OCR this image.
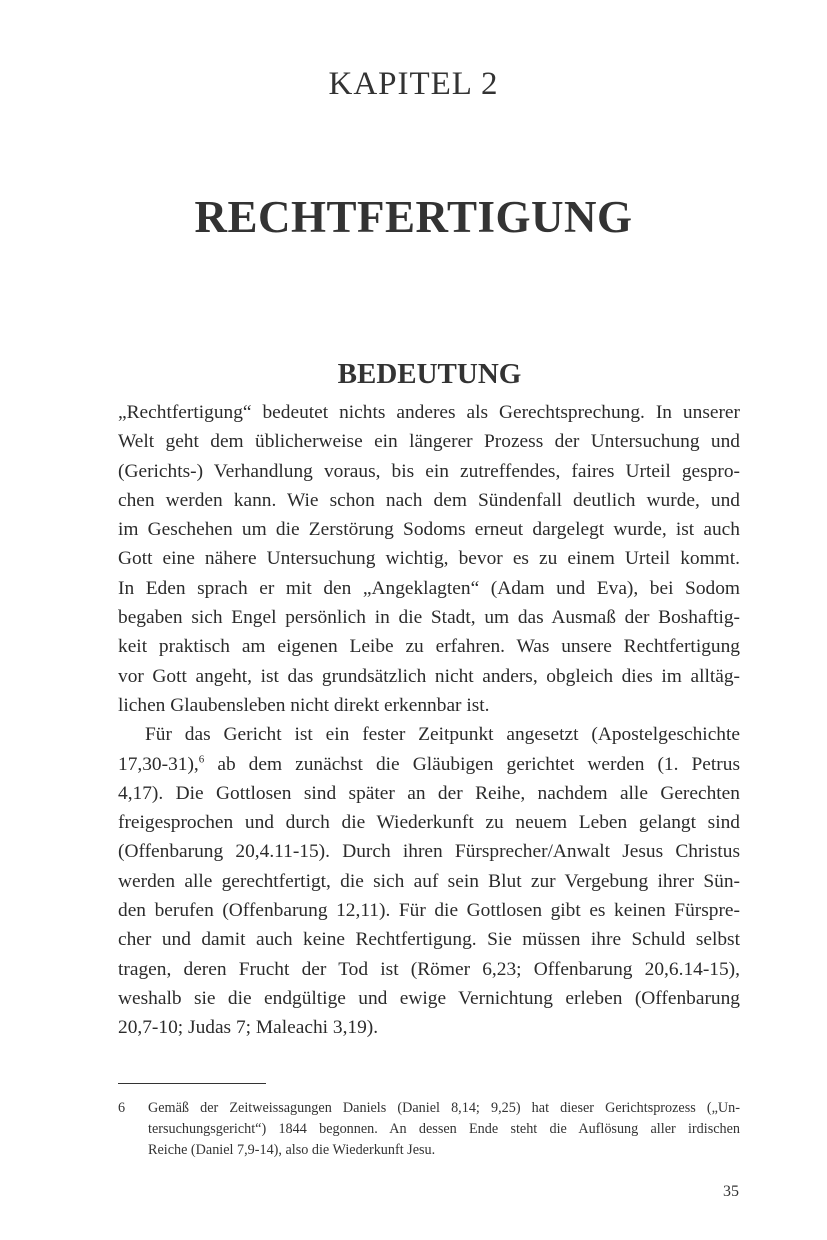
KAPITEL 2
RECHTFERTIGUNG
BEDEUTUNG
„Rechtfertigung“ bedeutet nichts anderes als Gerechtsprechung. In unserer
Welt geht dem üblicherweise ein längerer Prozess der Untersuchung und
(Gerichts-) Verhandlung voraus, bis ein zutreffendes, faires Urteil gespro-
chen werden kann. Wie schon nach dem Sündenfall deutlich wurde, und
im Geschehen um die Zerstörung Sodoms erneut dargelegt wurde, ist auch
Gott eine nähere Untersuchung wichtig, bevor es zu einem Urteil kommt.
In Eden sprach er mit den „Angeklagten“ (Adam und Eva), bei Sodom
begaben sich Engel persönlich in die Stadt, um das Ausmaß der Boshaftig-
keit praktisch am eigenen Leibe zu erfahren. Was unsere Rechtfertigung
vor Gott angeht, ist das grundsätzlich nicht anders, obgleich dies im alltäg-
lichen Glaubensleben nicht direkt erkennbar ist.
Für das Gericht ist ein fester Zeitpunkt angesetzt (Apostelgeschichte
17,30-31),$^6$ ab dem zunächst die Gläubigen gerichtet werden (1. Petrus
4,17). Die Gottlosen sind später an der Reihe, nachdem alle Gerechten
freigesprochen und durch die Wiederkunft zu neuem Leben gelangt sind
(Offenbarung 20,4.11-15). Durch ihren Fürsprecher/Anwalt Jesus Christus
werden alle gerechtfertigt, die sich auf sein Blut zur Vergebung ihrer Sün-
den berufen (Offenbarung 12,11). Für die Gottlosen gibt es keinen Fürspre-
cher und damit auch keine Rechtfertigung. Sie müssen ihre Schuld selbst
tragen, deren Frucht der Tod ist (Römer 6,23; Offenbarung 20,6.14-15),
weshalb sie die endgültige und ewige Vernichtung erleben (Offenbarung
20,7-10; Judas 7; Maleachi 3,19).
6 Gemäß der Zeitweissagungen Daniels (Daniel 8,14; 9,25) hat dieser Gerichtsprozess („Un-
tersuchungsgericht“) 1844 begonnen. An dessen Ende steht die Auflösung aller irdischen
Reiche (Daniel 7,9-14), also die Wiederkunft Jesu.
35
